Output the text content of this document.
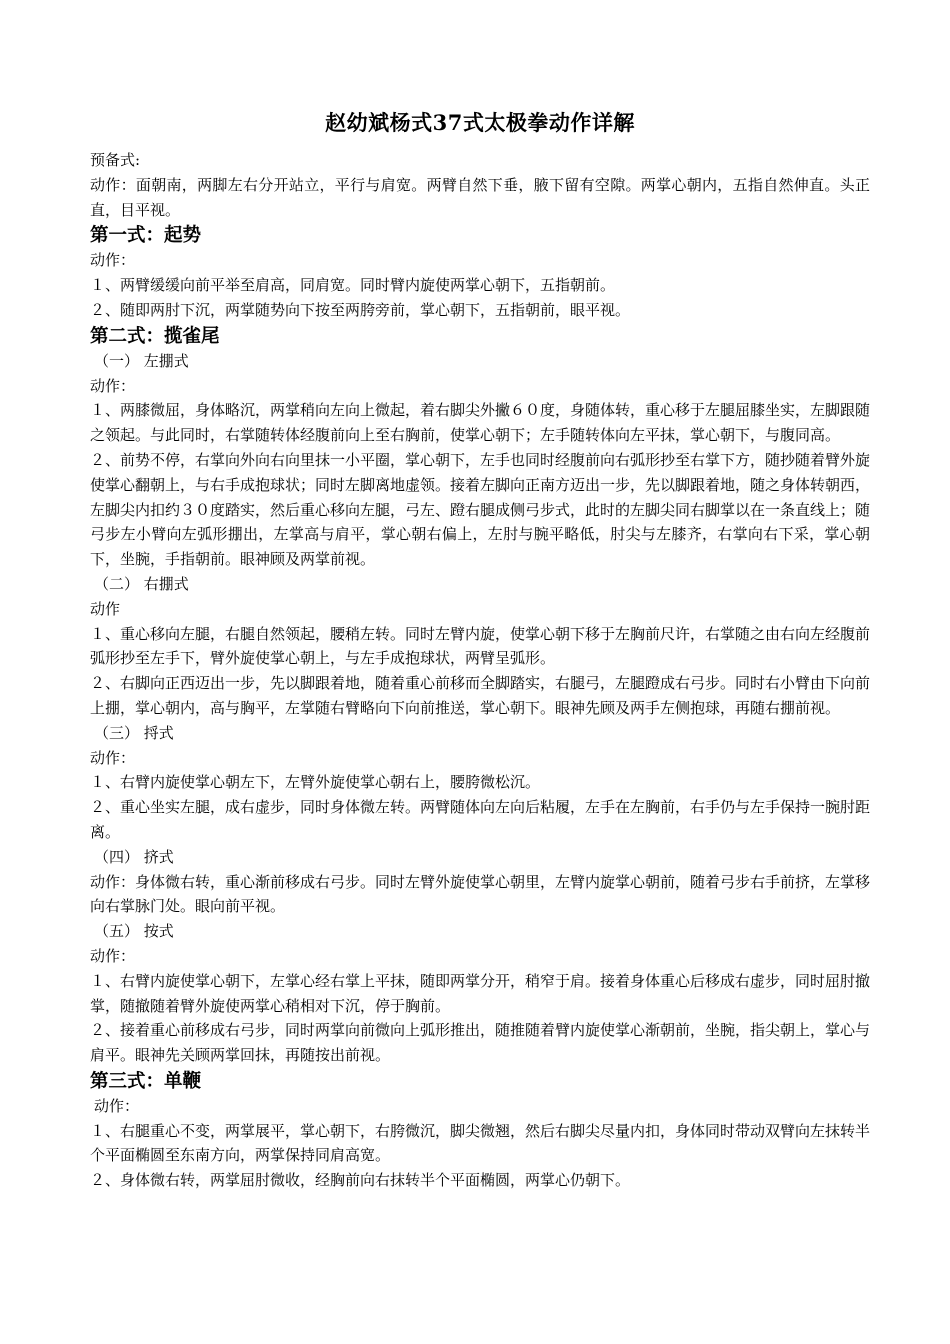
赵幼斌杨式37式太极拳动作详解

预备式:

动作：面朝南，两脚左右分开站立，平行与肩宽。两臂自然下垂，腋下留有空隙。两掌心朝内，五指自然伸直。头正直，目平视。

第一式：起势

动作：

１、两臂缓缓向前平举至肩高，同肩宽。同时臂内旋使两掌心朝下，五指朝前。

２、随即两肘下沉，两掌随势向下按至两胯旁前，掌心朝下，五指朝前，眼平视。

第二式：揽雀尾

（一） 左掤式

动作：

１、两膝微屈，身体略沉，两掌稍向左向上微起，着右脚尖外撇６０度，身随体转，重心移于左腿屈膝坐实，左脚跟随之领起。与此同时，右掌随转体经腹前向上至右胸前，使掌心朝下；左手随转体向左平抹，掌心朝下，与腹同高。

２、前势不停，右掌向外向右向里抹一小平圈，掌心朝下，左手也同时经腹前向右弧形抄至右掌下方，随抄随着臂外旋使掌心翻朝上，与右手成抱球状；同时左脚离地虚领。接着左脚向正南方迈出一步，先以脚跟着地，随之身体转朝西，左脚尖内扣约３０度踏实，然后重心移向左腿，弓左、蹬右腿成侧弓步式，此时的左脚尖同右脚掌以在一条直线上；随弓步左小臂向左弧形掤出，左掌高与肩平，掌心朝右偏上，左肘与腕平略低，肘尖与左膝齐，右掌向右下采，掌心朝下，坐腕，手指朝前。眼神顾及两掌前视。

（二） 右掤式

动作

１、重心移向左腿，右腿自然领起，腰稍左转。同时左臂内旋，使掌心朝下移于左胸前尺许，右掌随之由右向左经腹前弧形抄至左手下，臂外旋使掌心朝上，与左手成抱球状，两臂呈弧形。

２、右脚向正西迈出一步，先以脚跟着地，随着重心前移而全脚踏实，右腿弓，左腿蹬成右弓步。同时右小臂由下向前上掤，掌心朝内，高与胸平，左掌随右臂略向下向前推送，掌心朝下。眼神先顾及两手左侧抱球，再随右掤前视。

（三） 捋式

动作：

１、右臂内旋使掌心朝左下，左臂外旋使掌心朝右上，腰胯微松沉。

２、重心坐实左腿，成右虚步，同时身体微左转。两臂随体向左向后粘履，左手在左胸前，右手仍与左手保持一腕肘距离。

（四） 挤式

动作：身体微右转，重心渐前移成右弓步。同时左臂外旋使掌心朝里，左臂内旋掌心朝前，随着弓步右手前挤，左掌移向右掌脉门处。眼向前平视。

（五） 按式

动作：

１、右臂内旋使掌心朝下，左掌心经右掌上平抹，随即两掌分开，稍窄于肩。接着身体重心后移成右虚步，同时屈肘撤掌，随撤随着臂外旋使两掌心稍相对下沉，停于胸前。

２、接着重心前移成右弓步，同时两掌向前微向上弧形推出，随推随着臂内旋使掌心渐朝前，坐腕，指尖朝上，掌心与肩平。眼神先关顾两掌回抹，再随按出前视。

第三式：单鞭

动作：

１、右腿重心不变，两掌展平，掌心朝下，右胯微沉，脚尖微翘，然后右脚尖尽量内扣，身体同时带动双臂向左抹转半个平面椭圆至东南方向，两掌保持同肩高宽。

２、身体微右转，两掌屈肘微收，经胸前向右抹转半个平面椭圆，两掌心仍朝下。
